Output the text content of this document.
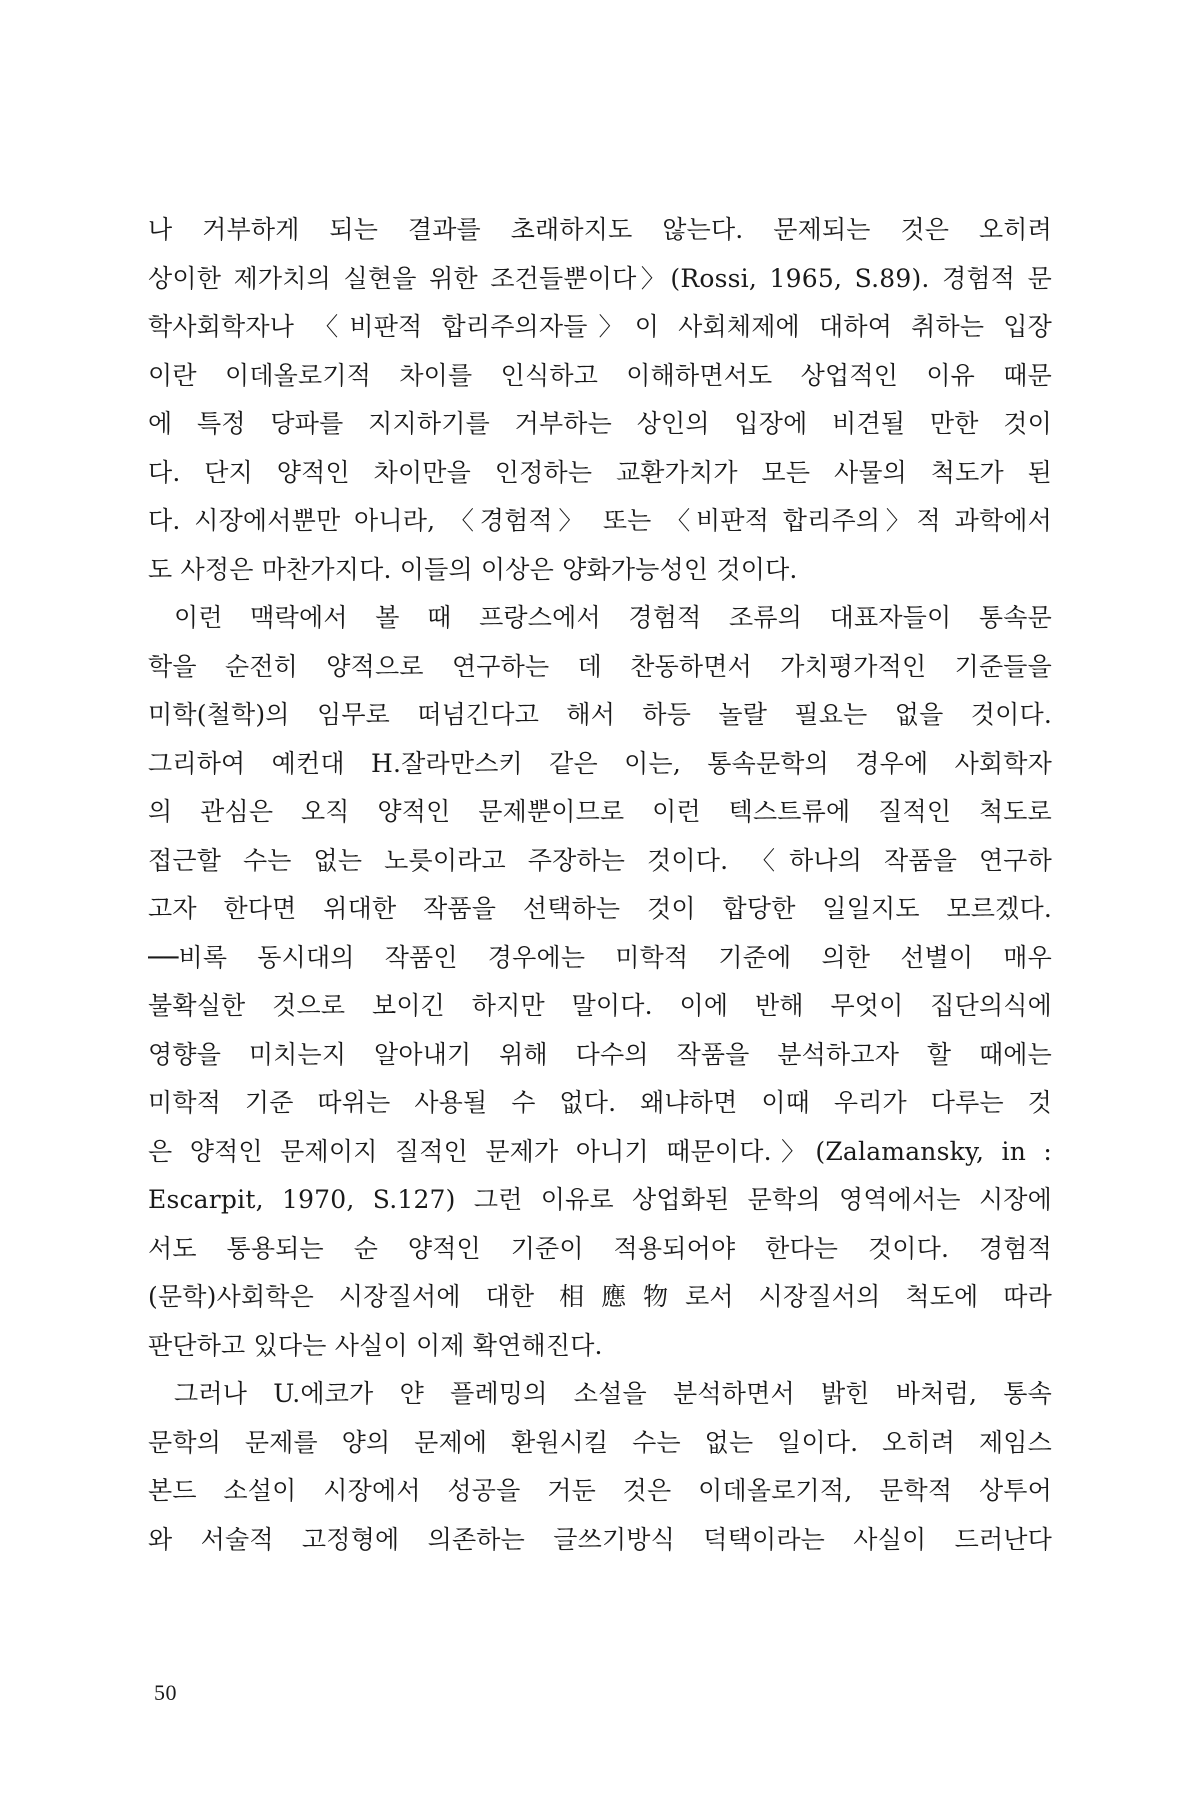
나 거부하게 되는 결과를 초래하지도 않는다. 문제되는 것은 오히려
상이한 제가치의 실현을 위한 조건들뿐이다〉(Rossi, 1965, S.89). 경험적 문
학사회학자나 〈비판적 합리주의자들〉이 사회체제에 대하여 취하는 입장
이란 이데올로기적 차이를 인식하고 이해하면서도 상업적인 이유 때문
에 특정 당파를 지지하기를 거부하는 상인의 입장에 비견될 만한 것이
다. 단지 양적인 차이만을 인정하는 교환가치가 모든 사물의 척도가 된
다. 시장에서뿐만 아니라, 〈경험적〉 또는 〈비판적 합리주의〉적 과학에서
도 사정은 마찬가지다. 이들의 이상은 양화가능성인 것이다.
이런 맥락에서 볼 때 프랑스에서 경험적 조류의 대표자들이 통속문
학을 순전히 양적으로 연구하는 데 찬동하면서 가치평가적인 기준들을
미학(철학)의 임무로 떠넘긴다고 해서 하등 놀랄 필요는 없을 것이다.
그리하여 예컨대 H.잘라만스키 같은 이는, 통속문학의 경우에 사회학자
의 관심은 오직 양적인 문제뿐이므로 이런 텍스트류에 질적인 척도로
접근할 수는 없는 노릇이라고 주장하는 것이다. 〈하나의 작품을 연구하
고자 한다면 위대한 작품을 선택하는 것이 합당한 일일지도 모르겠다.
──비록 동시대의 작품인 경우에는 미학적 기준에 의한 선별이 매우
불확실한 것으로 보이긴 하지만 말이다. 이에 반해 무엇이 집단의식에
영향을 미치는지 알아내기 위해 다수의 작품을 분석하고자 할 때에는
미학적 기준 따위는 사용될 수 없다. 왜냐하면 이때 우리가 다루는 것
은 양적인 문제이지 질적인 문제가 아니기 때문이다.〉(Zalamansky, in :
Escarpit, 1970, S.127) 그런 이유로 상업화된 문학의 영역에서는 시장에
서도 통용되는 순 양적인 기준이 적용되어야 한다는 것이다. 경험적
(문학)사회학은 시장질서에 대한 相應物로서 시장질서의 척도에 따라
판단하고 있다는 사실이 이제 확연해진다.
그러나 U.에코가 얀 플레밍의 소설을 분석하면서 밝힌 바처럼, 통속
문학의 문제를 양의 문제에 환원시킬 수는 없는 일이다. 오히려 제임스
본드 소설이 시장에서 성공을 거둔 것은 이데올로기적, 문학적 상투어
와 서술적 고정형에 의존하는 글쓰기방식 덕택이라는 사실이 드러난다
50
